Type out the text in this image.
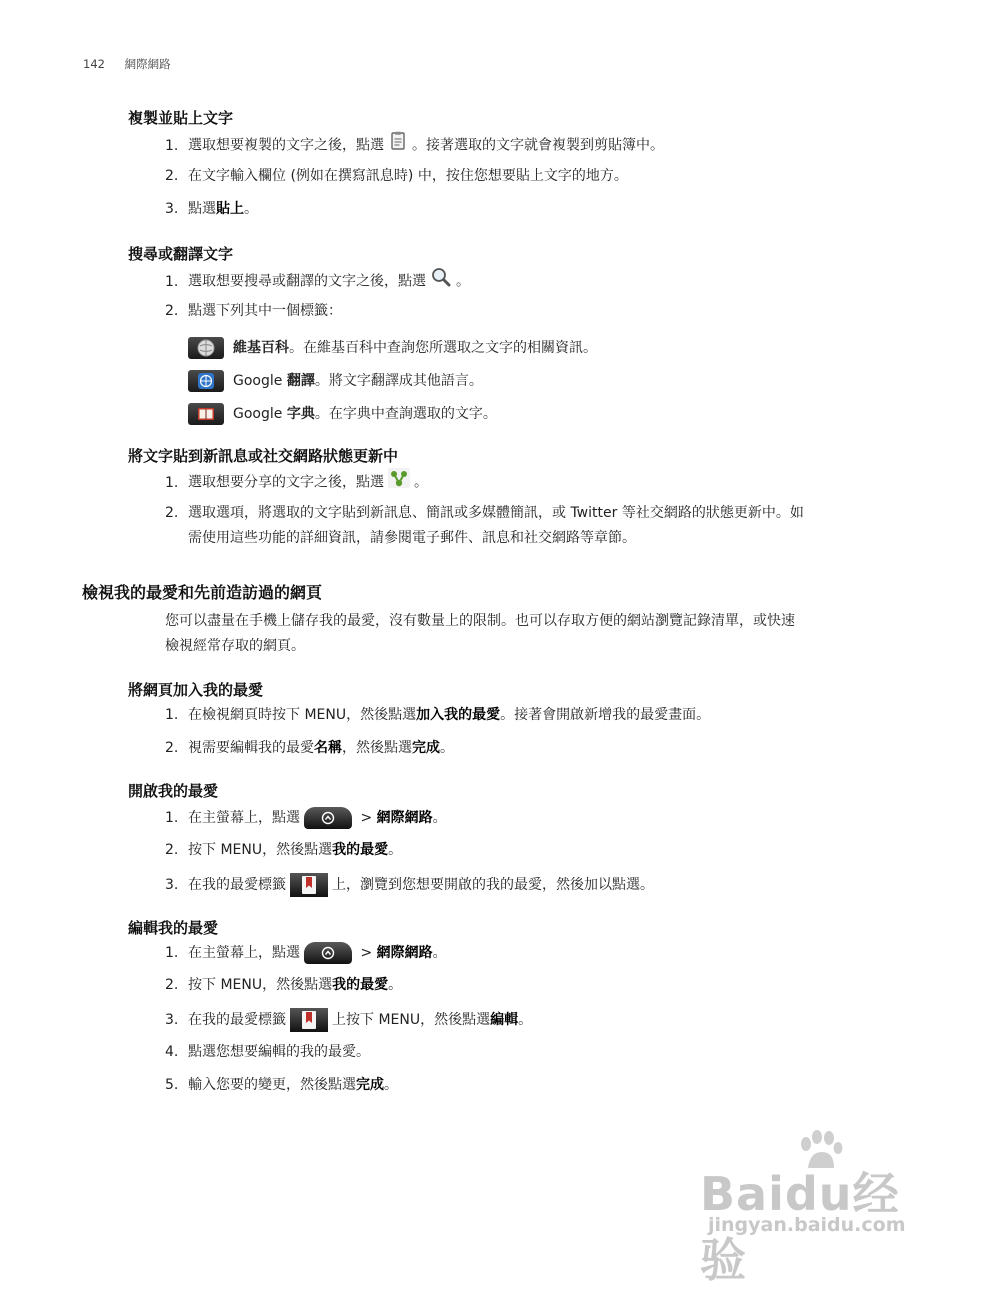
142 網際網路
複製並貼上文字
1. 選取想要複製的文字之後，點選 。接著選取的文字就會複製到剪貼簿中。
2. 在文字輸入欄位 (例如在撰寫訊息時) 中，按住您想要貼上文字的地方。
3. 點選貼上。
搜尋或翻譯文字
1. 選取想要搜尋或翻譯的文字之後，點選 。
2. 點選下列其中一個標籤：
維基百科。在維基百科中查詢您所選取之文字的相關資訊。
Google 翻譯。將文字翻譯成其他語言。
Google 字典。在字典中查詢選取的文字。
將文字貼到新訊息或社交網路狀態更新中
1. 選取想要分享的文字之後，點選 。
2. 選取選項，將選取的文字貼到新訊息、簡訊或多媒體簡訊，或 Twitter 等社交網路的狀態更新中。如
需使用這些功能的詳細資訊，請參閱電子郵件、訊息和社交網路等章節。
檢視我的最愛和先前造訪過的網頁
您可以盡量在手機上儲存我的最愛，沒有數量上的限制。也可以存取方便的網站瀏覽記錄清單，或快速
檢視經常存取的網頁。
將網頁加入我的最愛
1. 在檢視網頁時按下 MENU，然後點選加入我的最愛。接著會開啟新增我的最愛畫面。
2. 視需要編輯我的最愛名稱，然後點選完成。
開啟我的最愛
1. 在主螢幕上，點選	> 網際網路。
2. 按下 MENU，然後點選我的最愛。
3. 在我的最愛標籤	上，瀏覽到您想要開啟的我的最愛，然後加以點選。
編輯我的最愛
1. 在主螢幕上，點選	> 網際網路。
2. 按下 MENU，然後點選我的最愛。
3. 在我的最愛標籤	上按下 MENU，然後點選編輯。
4. 點選您想要編輯的我的最愛。
5. 輸入您要的變更，然後點選完成。
Baidu经验
jingyan.baidu.com
